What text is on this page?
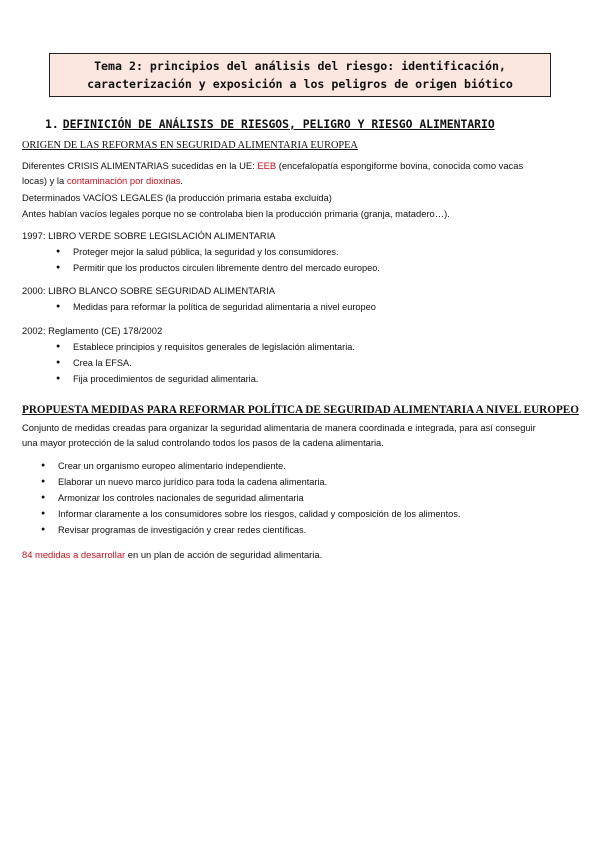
Tema 2: principios del análisis del riesgo: identificación,
caracterización y exposición a los peligros de origen biótico
1. DEFINICIÓN DE ANÁLISIS DE RIESGOS, PELIGRO Y RIESGO ALIMENTARIO
ORIGEN DE LAS REFORMAS EN SEGURIDAD ALIMENTARIA EUROPEA
Diferentes CRISIS ALIMENTARIAS sucedidas en la UE: EEB (encefalopatía espongiforme bovina, conocida como vacas
locas) y la contaminación por dioxinas.
Determinados VACÍOS LEGALES (la producción primaria estaba excluida)
Antes habían vacíos legales porque no se controlaba bien la producción primaria (granja, matadero…).
1997: LIBRO VERDE SOBRE LEGISLACIÓN ALIMENTARIA
● Proteger mejor la salud pública, la seguridad y los consumidores.
● Permitir que los productos circulen libremente dentro del mercado europeo.
2000: LIBRO BLANCO SOBRE SEGURIDAD ALIMENTARIA
● Medidas para reformar la política de seguridad alimentaria a nivel europeo
2002: Reglamento (CE) 178/2002
● Establece principios y requisitos generales de legislación alimentaria.
● Crea la EFSA.
● Fija procedimientos de seguridad alimentaria.
PROPUESTA MEDIDAS PARA REFORMAR POLÍTICA DE SEGURIDAD ALIMENTARIA A NIVEL EUROPEO
Conjunto de medidas creadas para organizar la seguridad alimentaria de manera coordinada e integrada, para así conseguir
una mayor protección de la salud controlando todos los pasos de la cadena alimentaria.
● Crear un organismo europeo alimentario independiente.
● Elaborar un nuevo marco jurídico para toda la cadena alimentaria.
● Armonizar los controles nacionales de seguridad alimentaria
● Informar claramente a los consumidores sobre los riesgos, calidad y composición de los alimentos.
● Revisar programas de investigación y crear redes científicas.
84 medidas a desarrollar en un plan de acción de seguridad alimentaria.
